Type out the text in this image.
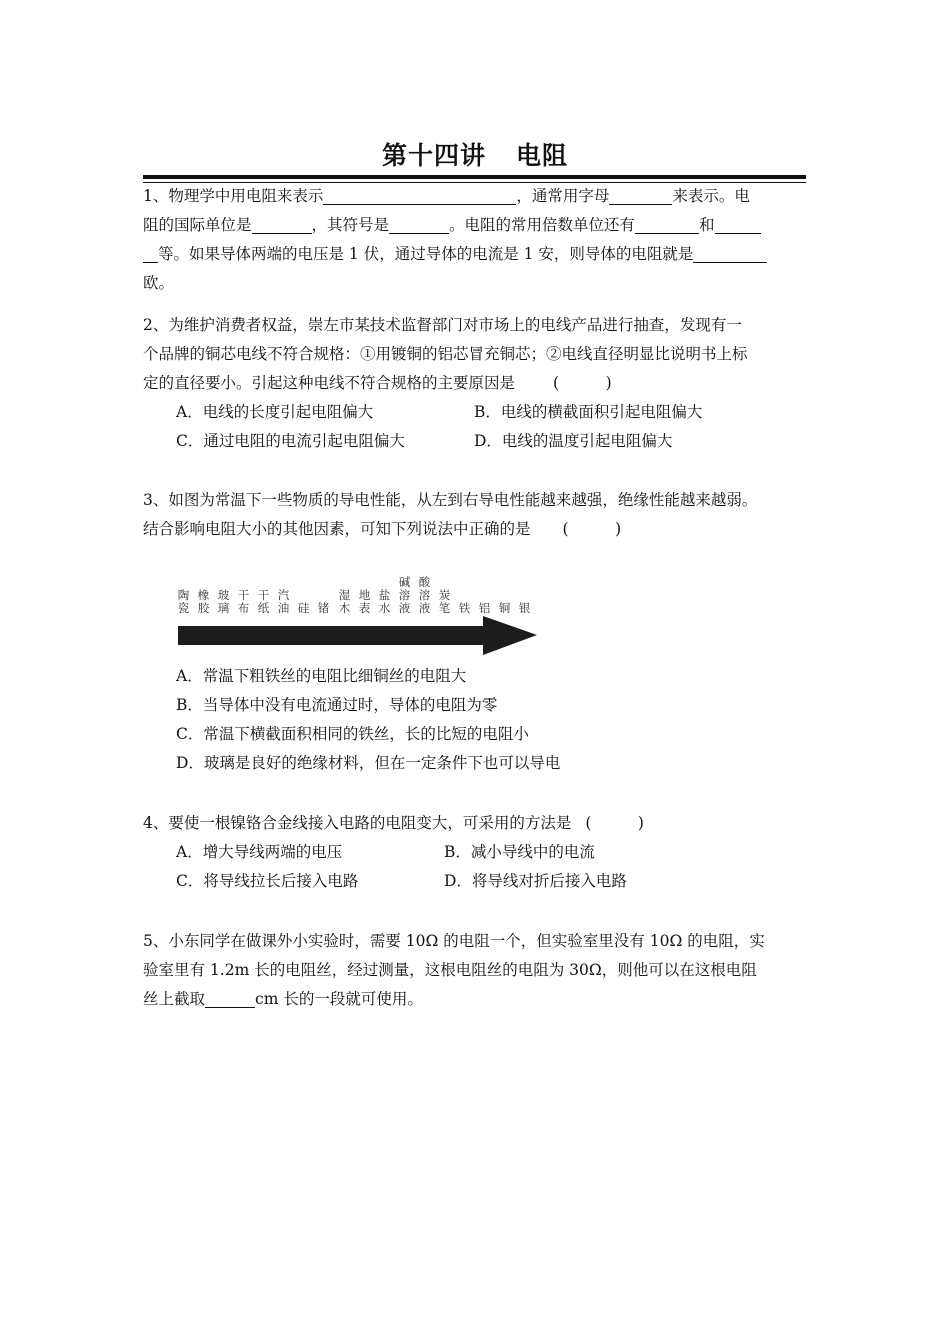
第十四讲 电阻

1、物理学中用电阻来表示	，通常用字母	来表示。电

阻的国际单位是	，其符号是	。电阻的常用倍数单位还有	和

等。如果导体两端的电压是 1 伏，通过导体的电流是 1 安，则导体的电阻就是

欧。

2、为维护消费者权益，崇左市某技术监督部门对市场上的电线产品进行抽查，发现有一

个品牌的铜芯电线不符合规格：①用镀铜的铝芯冒充铜芯；②电线直径明显比说明书上标

定的直径要小。引起这种电线不符合规格的主要原因是 (　　　)

A．电线的长度引起电阻偏大	B．电线的横截面积引起电阻偏大
C．通过电阻的电流引起电阻偏大	D．电线的温度引起电阻偏大

3、如图为常温下一些物质的导电性能，从左到右导电性能越来越强，绝缘性能越来越弱。

结合影响电阻大小的其他因素，可知下列说法中正确的是 (　　　)

陶
瓷
橡
胶
玻
璃
干
布
干
纸
汽
油 硅 锗
湿
木
地
表
盐
水
碱
溶
液
酸
溶
液
炭
笔 铁 铝 铜 银

A．常温下粗铁丝的电阻比细铜丝的电阻大

B．当导体中没有电流通过时，导体的电阻为零

C．常温下横截面积相同的铁丝，长的比短的电阻小

D．玻璃是良好的绝缘材料，但在一定条件下也可以导电

4、要使一根镍铬合金线接入电路的电阻变大，可采用的方法是 (　　　)

A．增大导线两端的电压	B．减小导线中的电流
C．将导线拉长后接入电路	D．将导线对折后接入电路

5、小东同学在做课外小实验时，需要 10Ω 的电阻一个，但实验室里没有 10Ω 的电阻，实

验室里有 1.2m 长的电阻丝，经过测量，这根电阻丝的电阻为 30Ω，则他可以在这根电阻

丝上截取	cm 长的一段就可使用。
